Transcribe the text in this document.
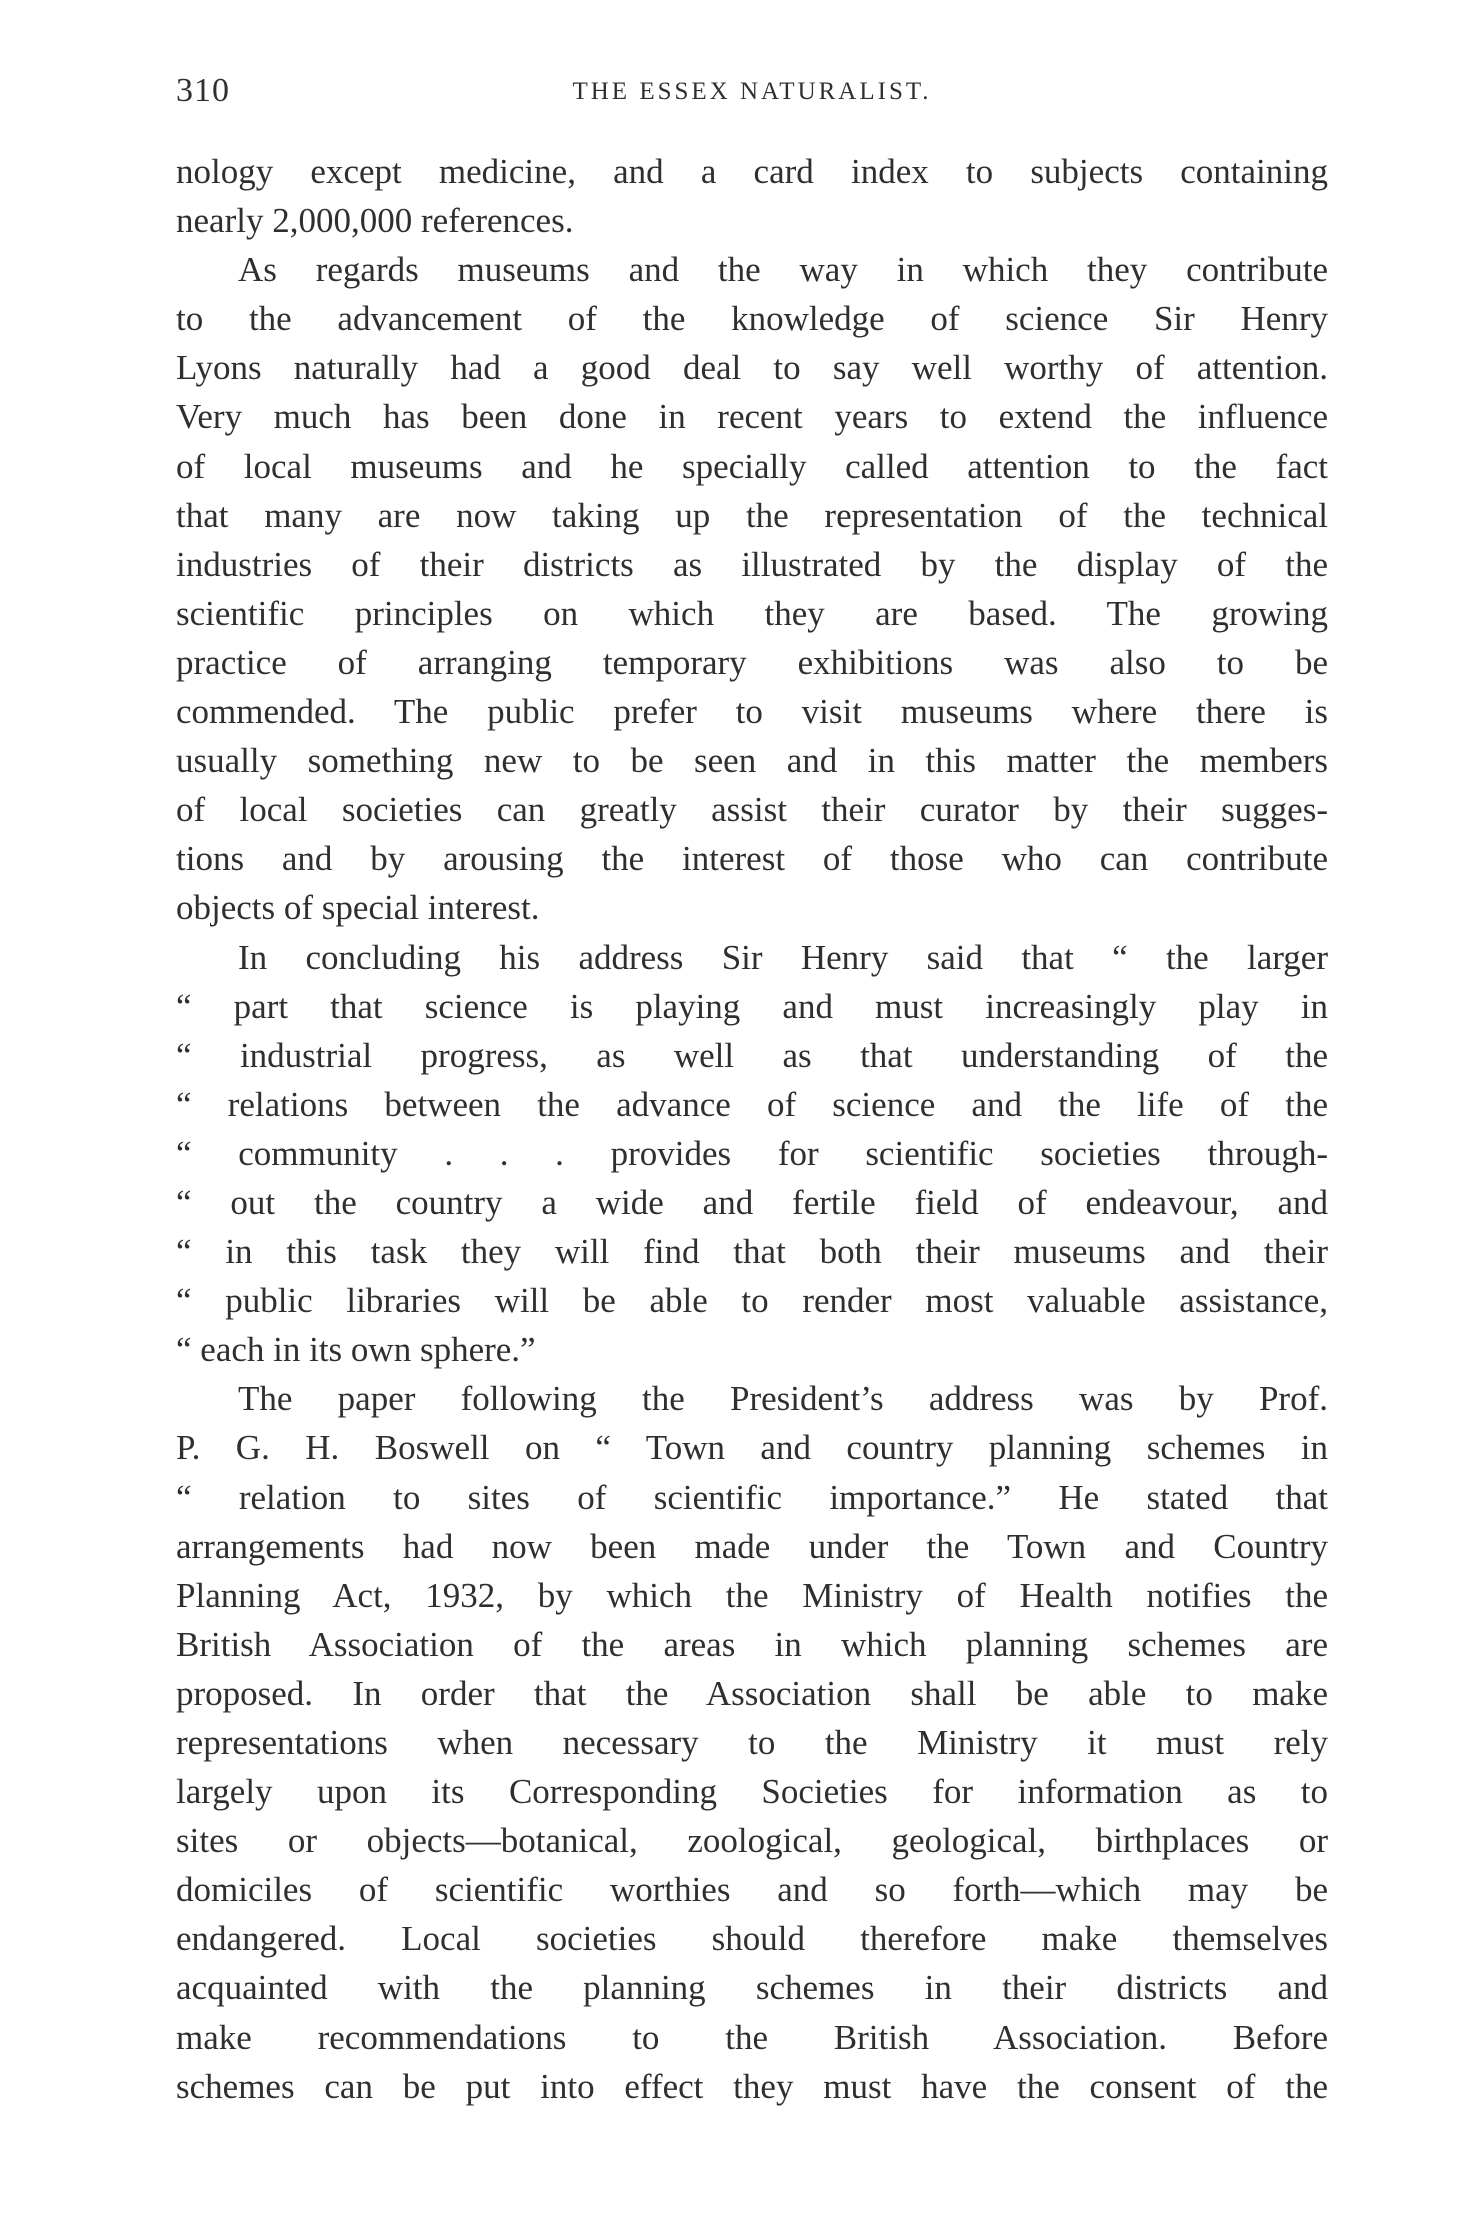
310	THE ESSEX NATURALIST.
nology except medicine, and a card index to subjects containing
nearly 2,000,000 references.
As regards museums and the way in which they contribute
to the advancement of the knowledge of science Sir Henry
Lyons naturally had a good deal to say well worthy of attention.
Very much has been done in recent years to extend the influence
of local museums and he specially called attention to the fact
that many are now taking up the representation of the technical
industries of their districts as illustrated by the display of the
scientific principles on which they are based. The growing
practice of arranging temporary exhibitions was also to be
commended. The public prefer to visit museums where there is
usually something new to be seen and in this matter the members
of local societies can greatly assist their curator by their sugges-
tions and by arousing the interest of those who can contribute
objects of special interest.
In concluding his address Sir Henry said that “ the larger
“ part that science is playing and must increasingly play in
“ industrial progress, as well as that understanding of the
“ relations between the advance of science and the life of the
“ community . . . provides for scientific societies through-
“ out the country a wide and fertile field of endeavour, and
“ in this task they will find that both their museums and their
“ public libraries will be able to render most valuable assistance,
“ each in its own sphere.”
The paper following the President’s address was by Prof.
P. G. H. Boswell on “ Town and country planning schemes in
“ relation to sites of scientific importance.” He stated that
arrangements had now been made under the Town and Country
Planning Act, 1932, by which the Ministry of Health notifies the
British Association of the areas in which planning schemes are
proposed. In order that the Association shall be able to make
representations when necessary to the Ministry it must rely
largely upon its Corresponding Societies for information as to
sites or objects—botanical, zoological, geological, birthplaces or
domiciles of scientific worthies and so forth—which may be
endangered. Local societies should therefore make themselves
acquainted with the planning schemes in their districts and
make recommendations to the British Association. Before
schemes can be put into effect they must have the consent of the
